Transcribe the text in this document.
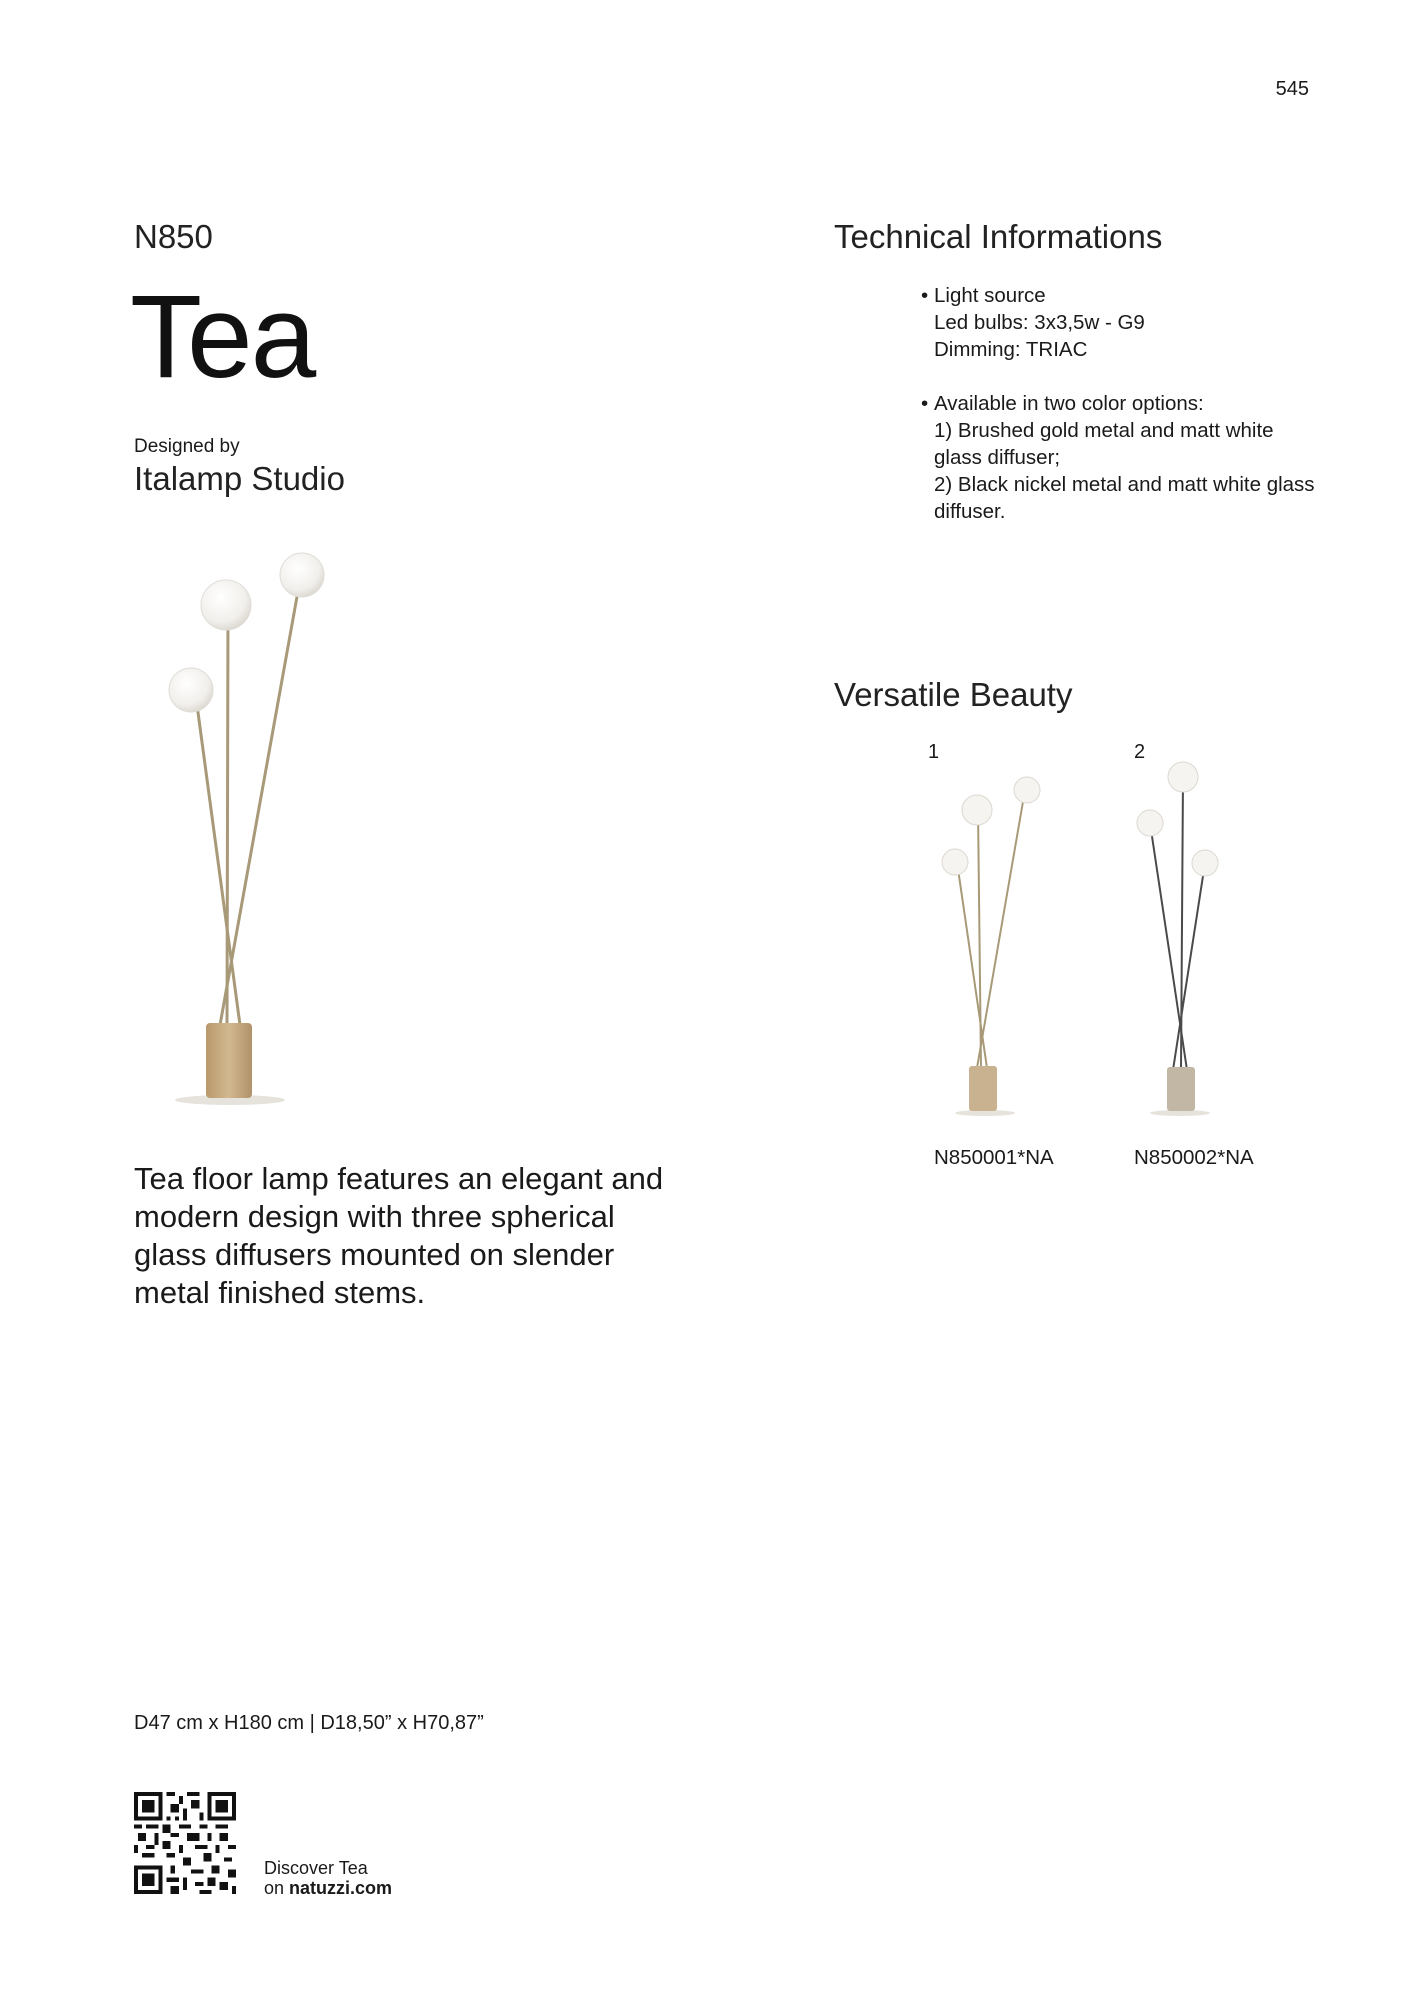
545
N850
Tea
Designed by
Italamp Studio
Tea floor lamp features an elegant and modern design with three spherical glass diffusers mounted on slender metal finished stems.
Technical Informations
• Light source
Led bulbs: 3x3,5w - G9
Dimming: TRIAC
• Available in two color options:
1) Brushed gold metal and matt white glass diffuser;
2) Black nickel metal and matt white glass diffuser.
Versatile Beauty
1	2
N850001*NA	N850002*NA
D47 cm x H180 cm | D18,50” x H70,87”
Discover Tea
on natuzzi.com
